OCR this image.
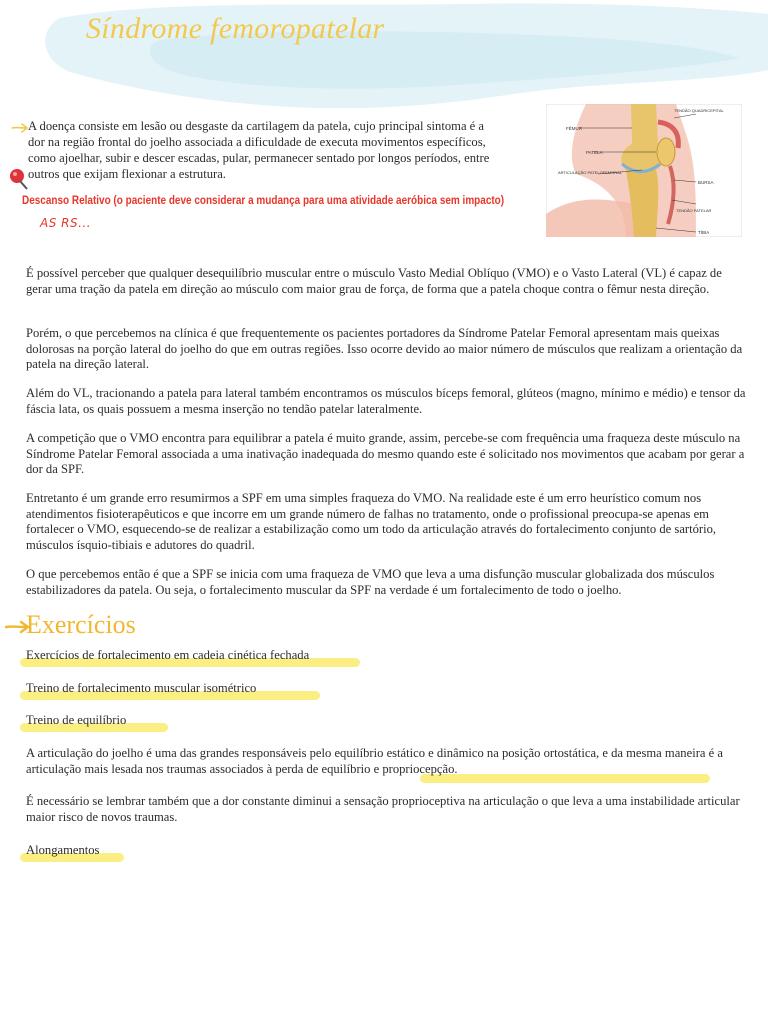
Síndrome femoropatelar
A doença consiste em lesão ou desgaste da cartilagem da patela, cujo principal sintoma é a dor na região frontal do joelho associada a dificuldade de executa movimentos específicos, como ajoelhar, subir e descer escadas, pular, permanecer sentado por longos períodos, entre outros que exijam flexionar a estrutura.
Descanso Relativo (o paciente deve considerar a mudança para uma atividade aeróbica sem impacto)
AS RS...
FÊMUR
PATELA
ARTICULAÇÃO PATELOFEMORAL
TENDÃO QUADRICEPITAL
BURSA
TENDÃO PATELAR
TÍBIA

É possível perceber que qualquer desequilíbrio muscular entre o músculo Vasto Medial Oblíquo (VMO) e o Vasto Lateral (VL) é capaz de gerar uma tração da patela em direção ao músculo com maior grau de força, de forma que a patela choque contra o fêmur nesta direção.

Porém, o que percebemos na clínica é que frequentemente os pacientes portadores da Síndrome Patelar Femoral apresentam mais queixas dolorosas na porção lateral do joelho do que em outras regiões. Isso ocorre devido ao maior número de músculos que realizam a orientação da patela na direção lateral.

Além do VL, tracionando a patela para lateral também encontramos os músculos bíceps femoral, glúteos (magno, mínimo e médio) e tensor da fáscia lata, os quais possuem a mesma inserção no tendão patelar lateralmente.

A competição que o VMO encontra para equilibrar a patela é muito grande, assim, percebe-se com frequência uma fraqueza deste músculo na Síndrome Patelar Femoral associada a uma inativação inadequada do mesmo quando este é solicitado nos movimentos que acabam por gerar a dor da SPF.

Entretanto é um grande erro resumirmos a SPF em uma simples fraqueza do VMO. Na realidade este é um erro heurístico comum nos atendimentos fisioterapêuticos e que incorre em um grande número de falhas no tratamento, onde o profissional preocupa-se apenas em fortalecer o VMO, esquecendo-se de realizar a estabilização como um todo da articulação através do fortalecimento conjunto de sartório, músculos ísquio-tibiais e adutores do quadril.

O que percebemos então é que a SPF se inicia com uma fraqueza de VMO que leva a uma disfunção muscular globalizada dos músculos estabilizadores da patela. Ou seja, o fortalecimento muscular da SPF na verdade é um fortalecimento de todo o joelho.

Exercícios
Exercícios de fortalecimento em cadeia cinética fechada
Treino de fortalecimento muscular isométrico
Treino de equilíbrio

A articulação do joelho é uma das grandes responsáveis pelo equilíbrio estático e dinâmico na posição ortostática, e da mesma maneira é a articulação mais lesada nos traumas associados à perda de equilíbrio e propriocepção.

É necessário se lembrar também que a dor constante diminui a sensação proprioceptiva na articulação o que leva a uma instabilidade articular maior risco de novos traumas.

Alongamentos
